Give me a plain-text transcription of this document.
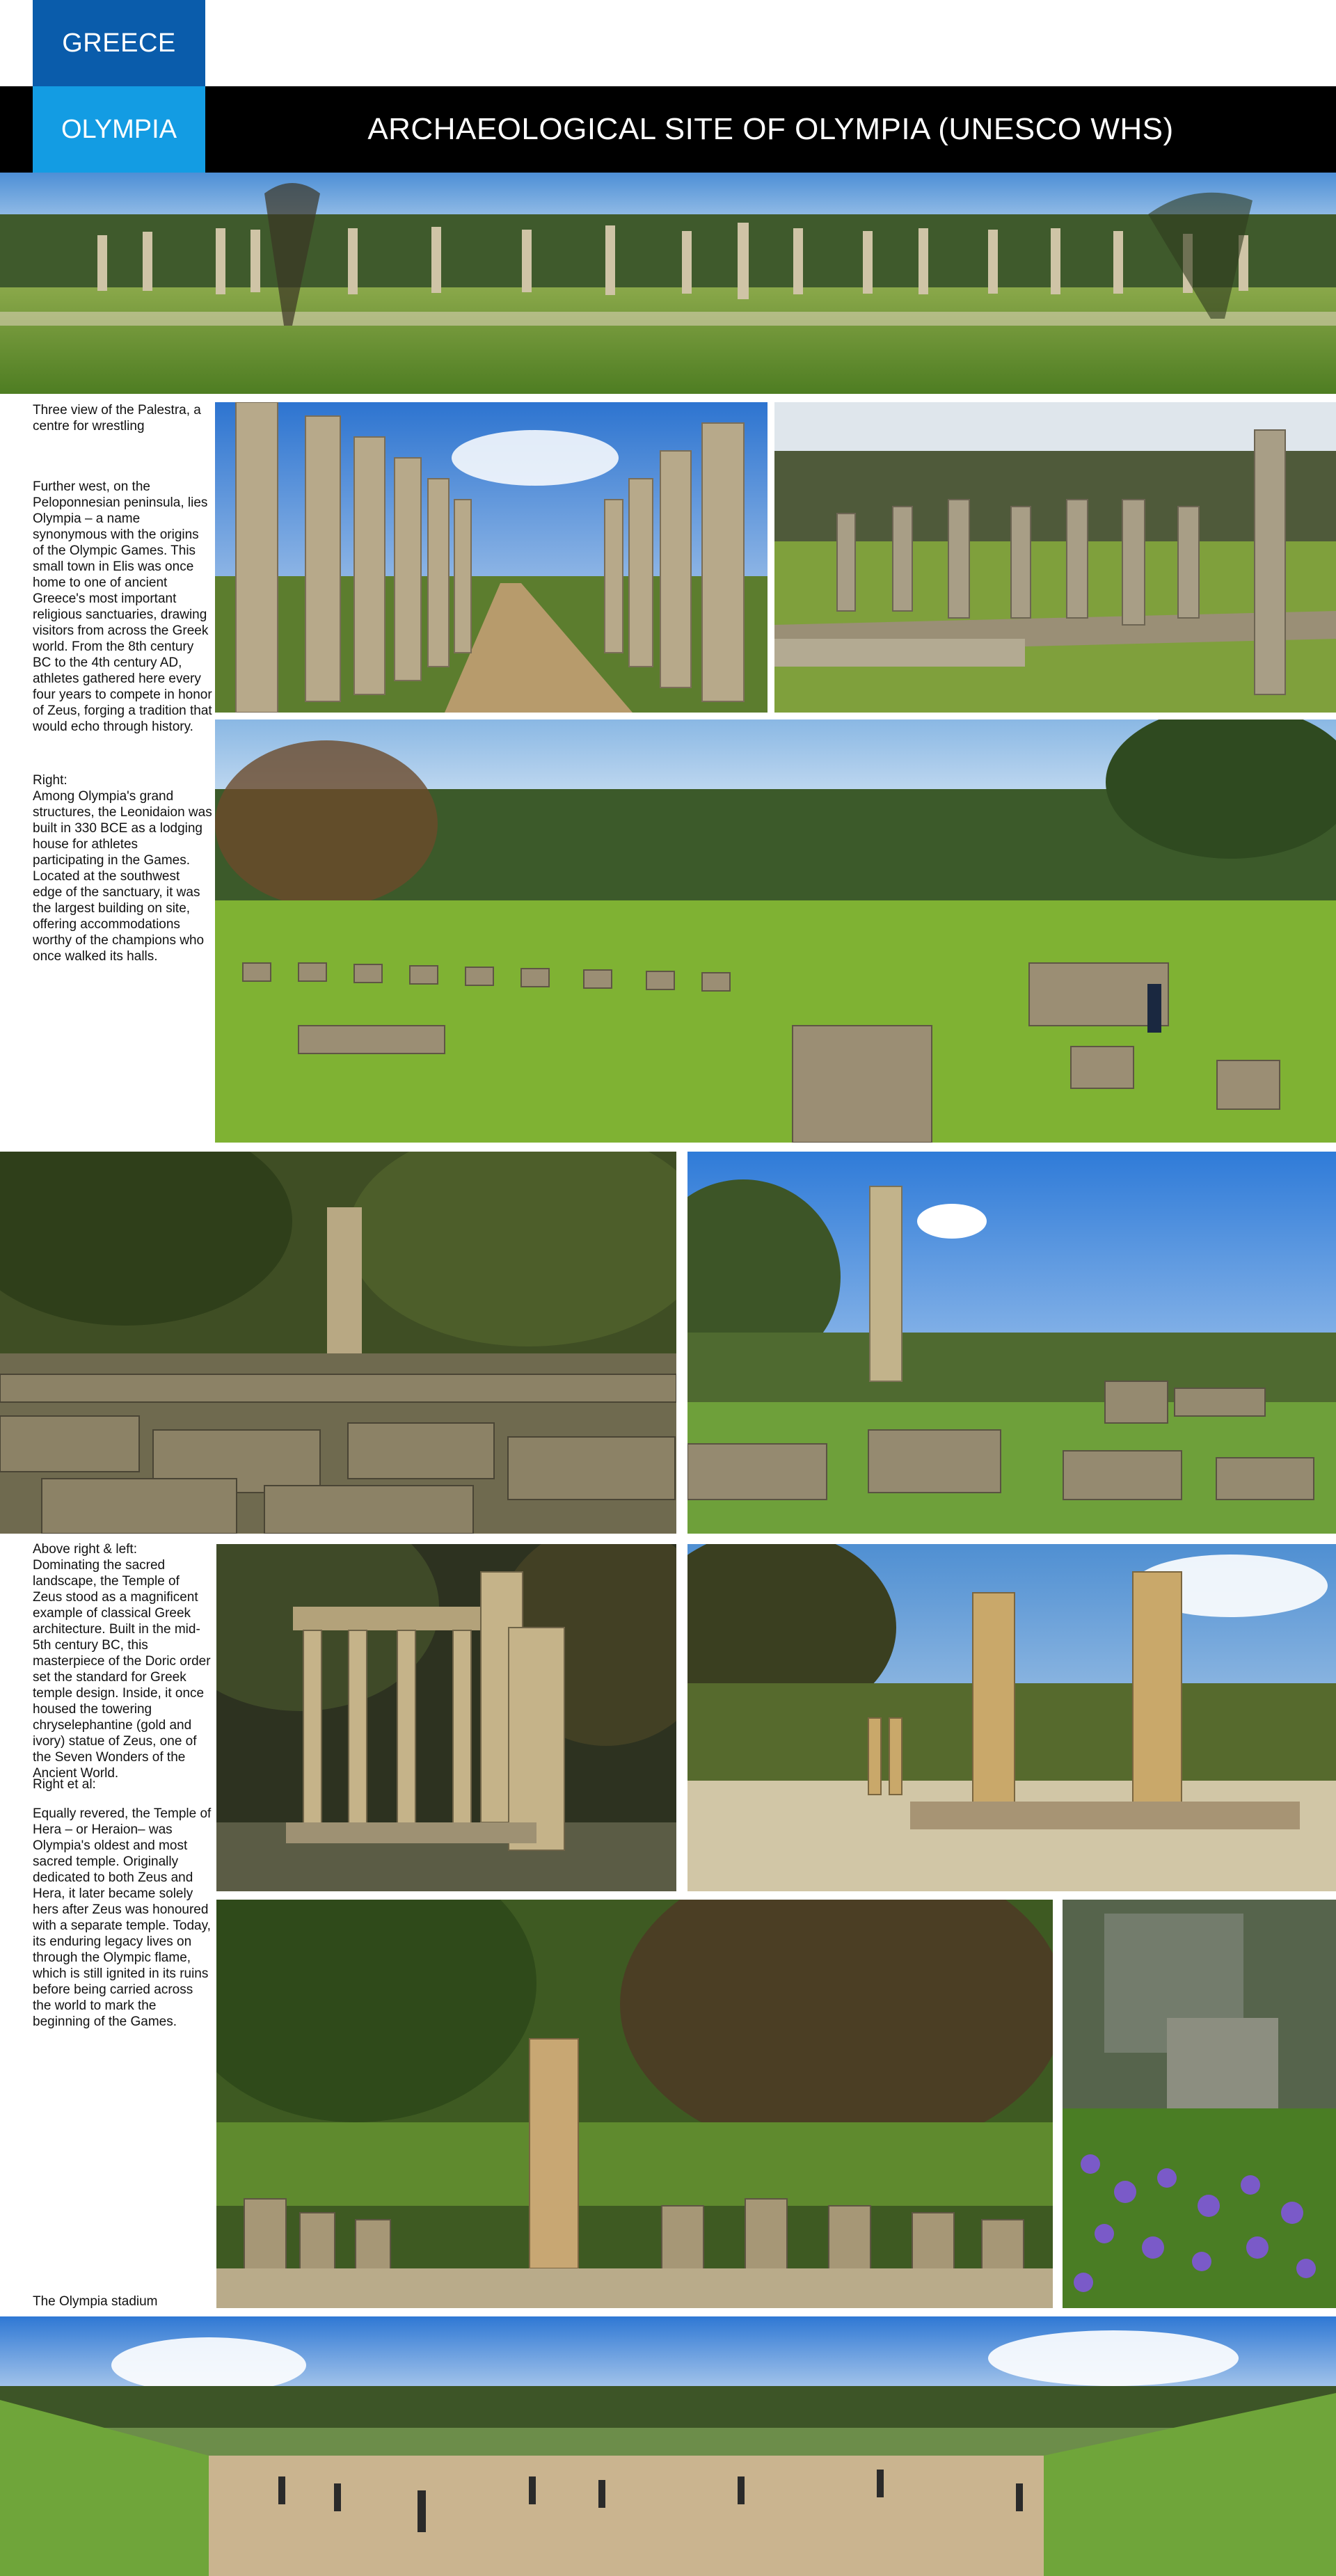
GREECE
OLYMPIA	ARCHAEOLOGICAL SITE OF OLYMPIA (UNESCO WHS)
Three view of the Palestra, a centre for wrestling
Further west, on the Peloponnesian peninsula, lies Olympia – a name synonymous with the origins of the Olympic Games. This small town in Elis was once home to one of ancient Greece's most important religious sanctuaries, drawing visitors from across the Greek world. From the 8th century BC to the 4th century AD, athletes gathered here every four years to compete in honor of Zeus, forging a tradition that would echo through history.
Right:
Among Olympia's grand structures, the Leonidaion was built in 330 BCE as a lodging house for athletes participating in the Games. Located at the southwest edge of the sanctuary, it was the largest building on site, offering accommodations worthy of the champions who once walked its halls.
Above right & left:
Dominating the sacred landscape, the Temple of Zeus stood as a magnificent example of classical Greek architecture. Built in the mid-5th century BC, this masterpiece of the Doric order set the standard for Greek temple design. Inside, it once housed the towering chryselephantine (gold and ivory) statue of Zeus, one of the Seven Wonders of the Ancient World.
Right et al:
Equally revered, the Temple of Hera – or Heraion– was Olympia's oldest and most sacred temple. Originally dedicated to both Zeus and Hera, it later became solely hers after Zeus was honoured with a separate temple. Today, its enduring legacy lives on through the Olympic flame, which is still ignited in its ruins before being carried across the world to mark the beginning of the Games.
The Olympia stadium
